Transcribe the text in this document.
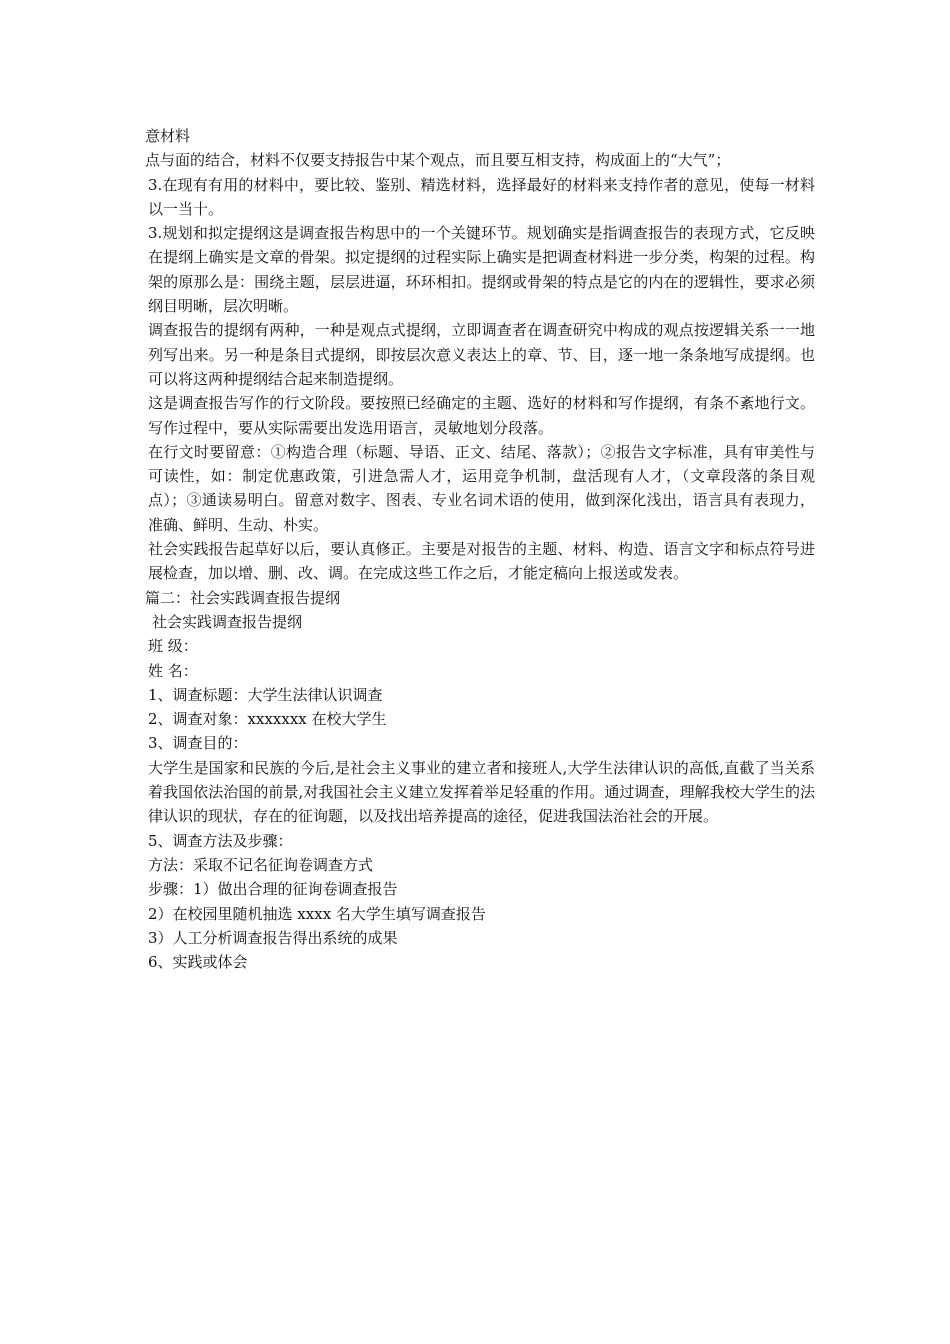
意材料

点与面的结合，材料不仅要支持报告中某个观点，而且要互相支持，构成面上的“大气”；

3.在现有有用的材料中，要比较、鉴别、精选材料，选择最好的材料来支持作者的意见，使每一材料以一当十。

3.规划和拟定提纲这是调查报告构思中的一个关键环节。规划确实是指调查报告的表现方式，它反映在提纲上确实是文章的骨架。拟定提纲的过程实际上确实是把调查材料进一步分类，构架的过程。构架的原那么是：围绕主题，层层进逼，环环相扣。提纲或骨架的特点是它的内在的逻辑性，要求必须纲目明晰，层次明晰。

调查报告的提纲有两种，一种是观点式提纲，立即调查者在调查研究中构成的观点按逻辑关系一一地列写出来。另一种是条目式提纲，即按层次意义表达上的章、节、目，逐一地一条条地写成提纲。也可以将这两种提纲结合起来制造提纲。

这是调查报告写作的行文阶段。要按照已经确定的主题、选好的材料和写作提纲，有条不紊地行文。写作过程中，要从实际需要出发选用语言，灵敏地划分段落。

在行文时要留意：①构造合理（标题、导语、正文、结尾、落款）；②报告文字标准，具有审美性与可读性，如：制定优惠政策，引进急需人才，运用竞争机制，盘活现有人才，（文章段落的条目观点）；③通读易明白。留意对数字、图表、专业名词术语的使用，做到深化浅出，语言具有表现力，准确、鲜明、生动、朴实。

社会实践报告起草好以后，要认真修正。主要是对报告的主题、材料、构造、语言文字和标点符号进展检查，加以增、删、改、调。在完成这些工作之后，才能定稿向上报送或发表。

篇二：社会实践调查报告提纲

社会实践调查报告提纲

班 级：

姓 名：

1、调查标题：大学生法律认识调查

2、调查对象：xxxxxxx 在校大学生

3、调查目的：

大学生是国家和民族的今后,是社会主义事业的建立者和接班人,大学生法律认识的高低,直截了当关系着我国依法治国的前景,对我国社会主义建立发挥着举足轻重的作用。通过调查，理解我校大学生的法律认识的现状，存在的征询题，以及找出培养提高的途径，促进我国法治社会的开展。

5、调查方法及步骤：

方法：采取不记名征询卷调查方式

步骤：1）做出合理的征询卷调查报告

2）在校园里随机抽选 xxxx 名大学生填写调查报告

3）人工分析调查报告得出系统的成果

6、实践或体会
